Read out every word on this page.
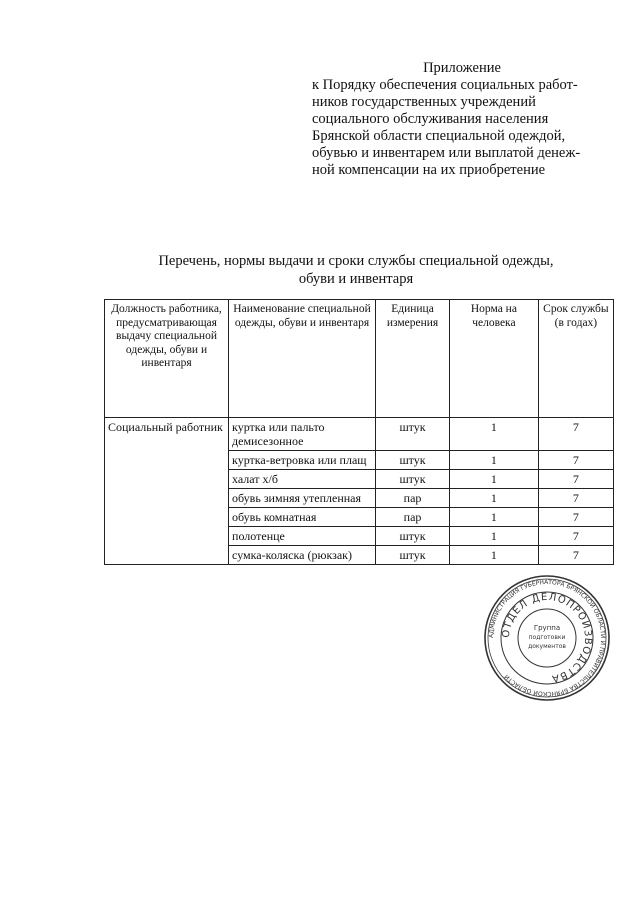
Приложение
к Порядку обеспечения социальных работ-
ников государственных учреждений
социального обслуживания населения
Брянской области специальной одеждой,
обувью и инвентарем или выплатой денеж-
ной компенсации на их приобретение
Перечень, нормы выдачи и сроки службы специальной одежды,
обуви и инвентаря
Должность работника, предусматривающая выдачу специальной одежды, обуви и инвентаря	Наименование специальной одежды, обуви и инвентаря	Единица измерения	Норма на человека	Срок службы (в годах)
Социальный работник	куртка или пальто демисезонное	штук	1	7
	куртка-ветровка или плащ	штук	1	7
	халат х/б	штук	1	7
	обувь зимняя утепленная	пар	1	7
	обувь комнатная	пар	1	7
	полотенце	штук	1	7
	сумка-коляска (рюкзак)	штук	1	7
АДМИНИСТРАЦИЯ ГУБЕРНАТОРА БРЯНСКОЙ ОБЛАСТИ И ПРАВИТЕЛЬСТВА БРЯНСКОЙ ОБЛАСТИ
ОТДЕЛ ДЕЛОПРОИЗВОДСТВА
Группа
подготовки
документов
